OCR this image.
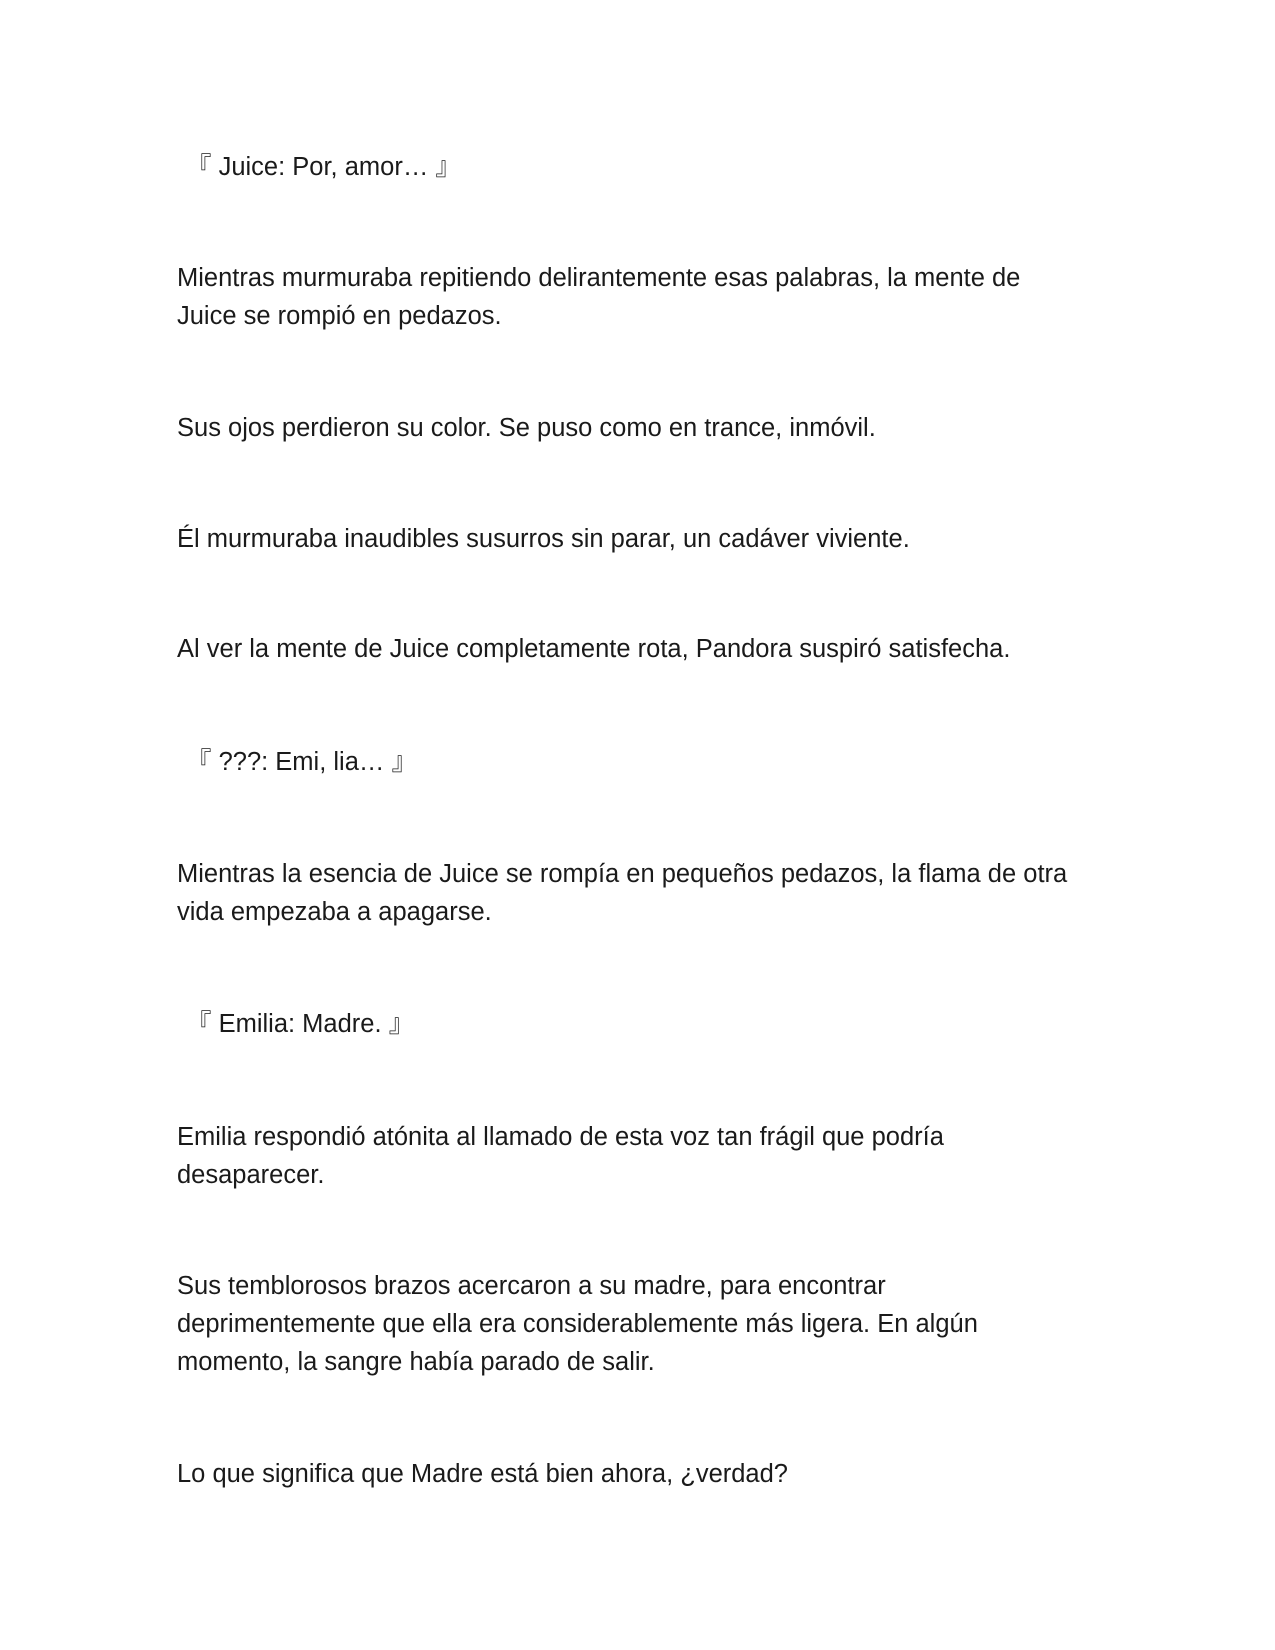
『 Juice: Por, amor… 』

Mientras murmuraba repitiendo delirantemente esas palabras, la mente de
Juice se rompió en pedazos.

Sus ojos perdieron su color. Se puso como en trance, inmóvil.

Él murmuraba inaudibles susurros sin parar, un cadáver viviente.

Al ver la mente de Juice completamente rota, Pandora suspiró satisfecha.

『 ???: Emi, lia… 』

Mientras la esencia de Juice se rompía en pequeños pedazos, la flama de otra
vida empezaba a apagarse.

『 Emilia: Madre. 』

Emilia respondió atónita al llamado de esta voz tan frágil que podría
desaparecer.

Sus temblorosos brazos acercaron a su madre, para encontrar
deprimentemente que ella era considerablemente más ligera. En algún
momento, la sangre había parado de salir.

Lo que significa que Madre está bien ahora, ¿verdad?
